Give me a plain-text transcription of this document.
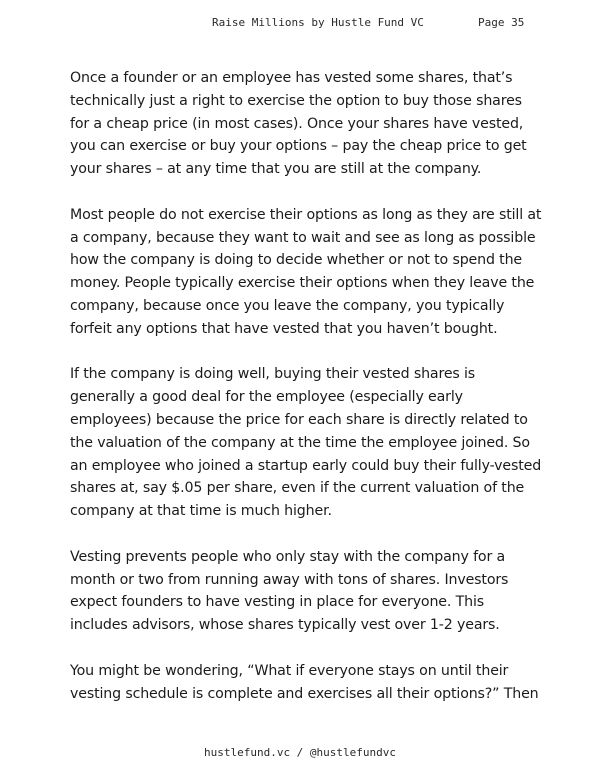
Raise Millions by Hustle Fund VC	Page 35

Once a founder or an employee has vested some shares, that’s technically just a right to exercise the option to buy those shares for a cheap price (in most cases). Once your shares have vested, you can exercise or buy your options – pay the cheap price to get your shares – at any time that you are still at the company.

Most people do not exercise their options as long as they are still at a company, because they want to wait and see as long as possible how the company is doing to decide whether or not to spend the money. People typically exercise their options when they leave the company, because once you leave the company, you typically forfeit any options that have vested that you haven’t bought.

If the company is doing well, buying their vested shares is generally a good deal for the employee (especially early employees) because the price for each share is directly related to the valuation of the company at the time the employee joined. So an employee who joined a startup early could buy their fully-vested shares at, say $.05 per share, even if the current valuation of the company at that time is much higher.

Vesting prevents people who only stay with the company for a month or two from running away with tons of shares. Investors expect founders to have vesting in place for everyone. This includes advisors, whose shares typically vest over 1-2 years.

You might be wondering, “What if everyone stays on until their vesting schedule is complete and exercises all their options?” Then

hustlefund.vc / @hustlefundvc
